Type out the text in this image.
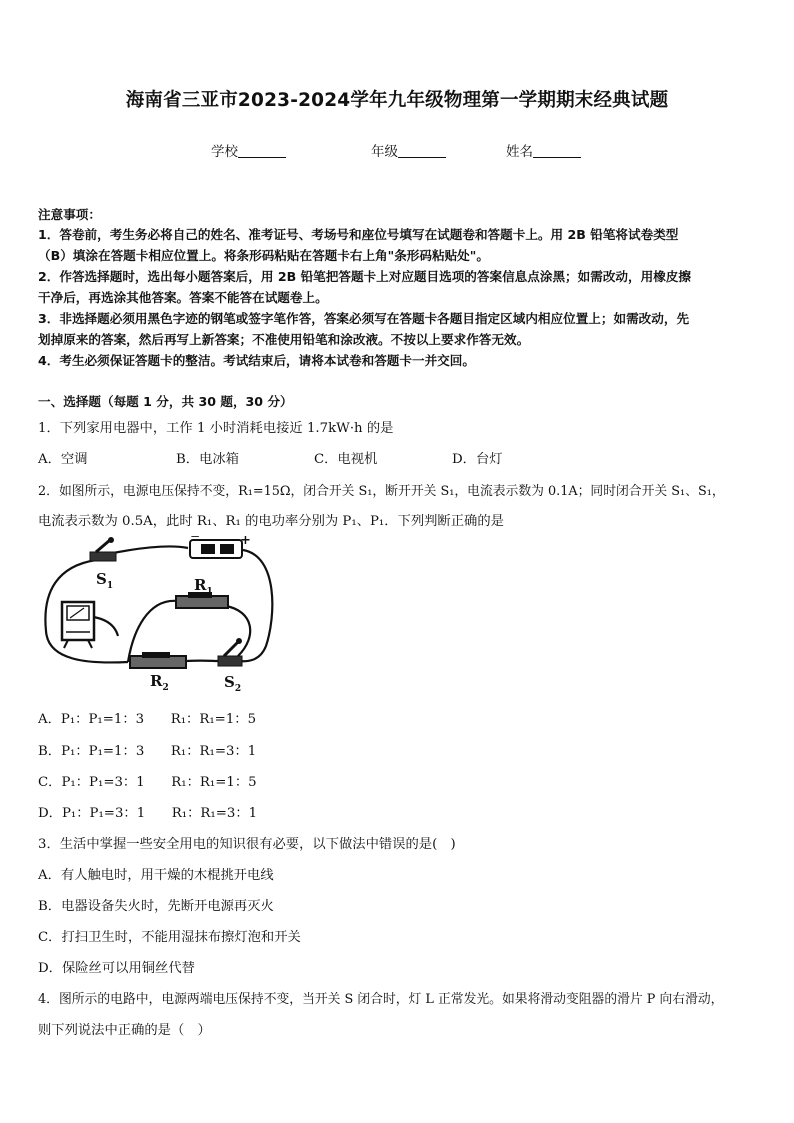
海南省三亚市2023-2024学年九年级物理第一学期期末经典试题
学校	年级	姓名
注意事项：
1．答卷前，考生务必将自己的姓名、准考证号、考场号和座位号填写在试题卷和答题卡上。用 2B 铅笔将试卷类型
（B）填涂在答题卡相应位置上。将条形码粘贴在答题卡右上角"条形码粘贴处"。
2．作答选择题时，选出每小题答案后，用 2B 铅笔把答题卡上对应题目选项的答案信息点涂黑；如需改动，用橡皮擦
干净后，再选涂其他答案。答案不能答在试题卷上。
3．非选择题必须用黑色字迹的钢笔或签字笔作答，答案必须写在答题卡各题目指定区域内相应位置上；如需改动，先
划掉原来的答案，然后再写上新答案；不准使用铅笔和涂改液。不按以上要求作答无效。
4．考生必须保证答题卡的整洁。考试结束后，请将本试卷和答题卡一并交回。
一、选择题（每题 1 分，共 30 题，30 分）
1．下列家用电器中，工作 1 小时消耗电接近 1.7kW·h 的是
A．空调	B．电冰箱	C．电视机	D．台灯
2．如图所示，电源电压保持不变，R₁=15Ω，闭合开关 S₁，断开开关 S₁，电流表示数为 0.1A；同时闭合开关 S₁、S₁，
电流表示数为 0.5A，此时 R₁、R₁ 的电功率分别为 P₁、P₁．下列判断正确的是
$S_1$	$R_1$
$R_2$	$S_2$
−	+
A．P₁：P₁=1：3　　R₁：R₁=1：5
B．P₁：P₁=1：3　　R₁：R₁=3：1
C．P₁：P₁=3：1　　R₁：R₁=1：5
D．P₁：P₁=3：1　　R₁：R₁=3：1
3．生活中掌握一些安全用电的知识很有必要，以下做法中错误的是(　)
A．有人触电时，用干燥的木棍挑开电线
B．电器设备失火时，先断开电源再灭火
C．打扫卫生时，不能用湿抹布擦灯泡和开关
D．保险丝可以用铜丝代替
4．图所示的电路中，电源两端电压保持不变，当开关 S 闭合时，灯 L 正常发光。如果将滑动变阻器的滑片 P 向右滑动，
则下列说法中正确的是（　）
